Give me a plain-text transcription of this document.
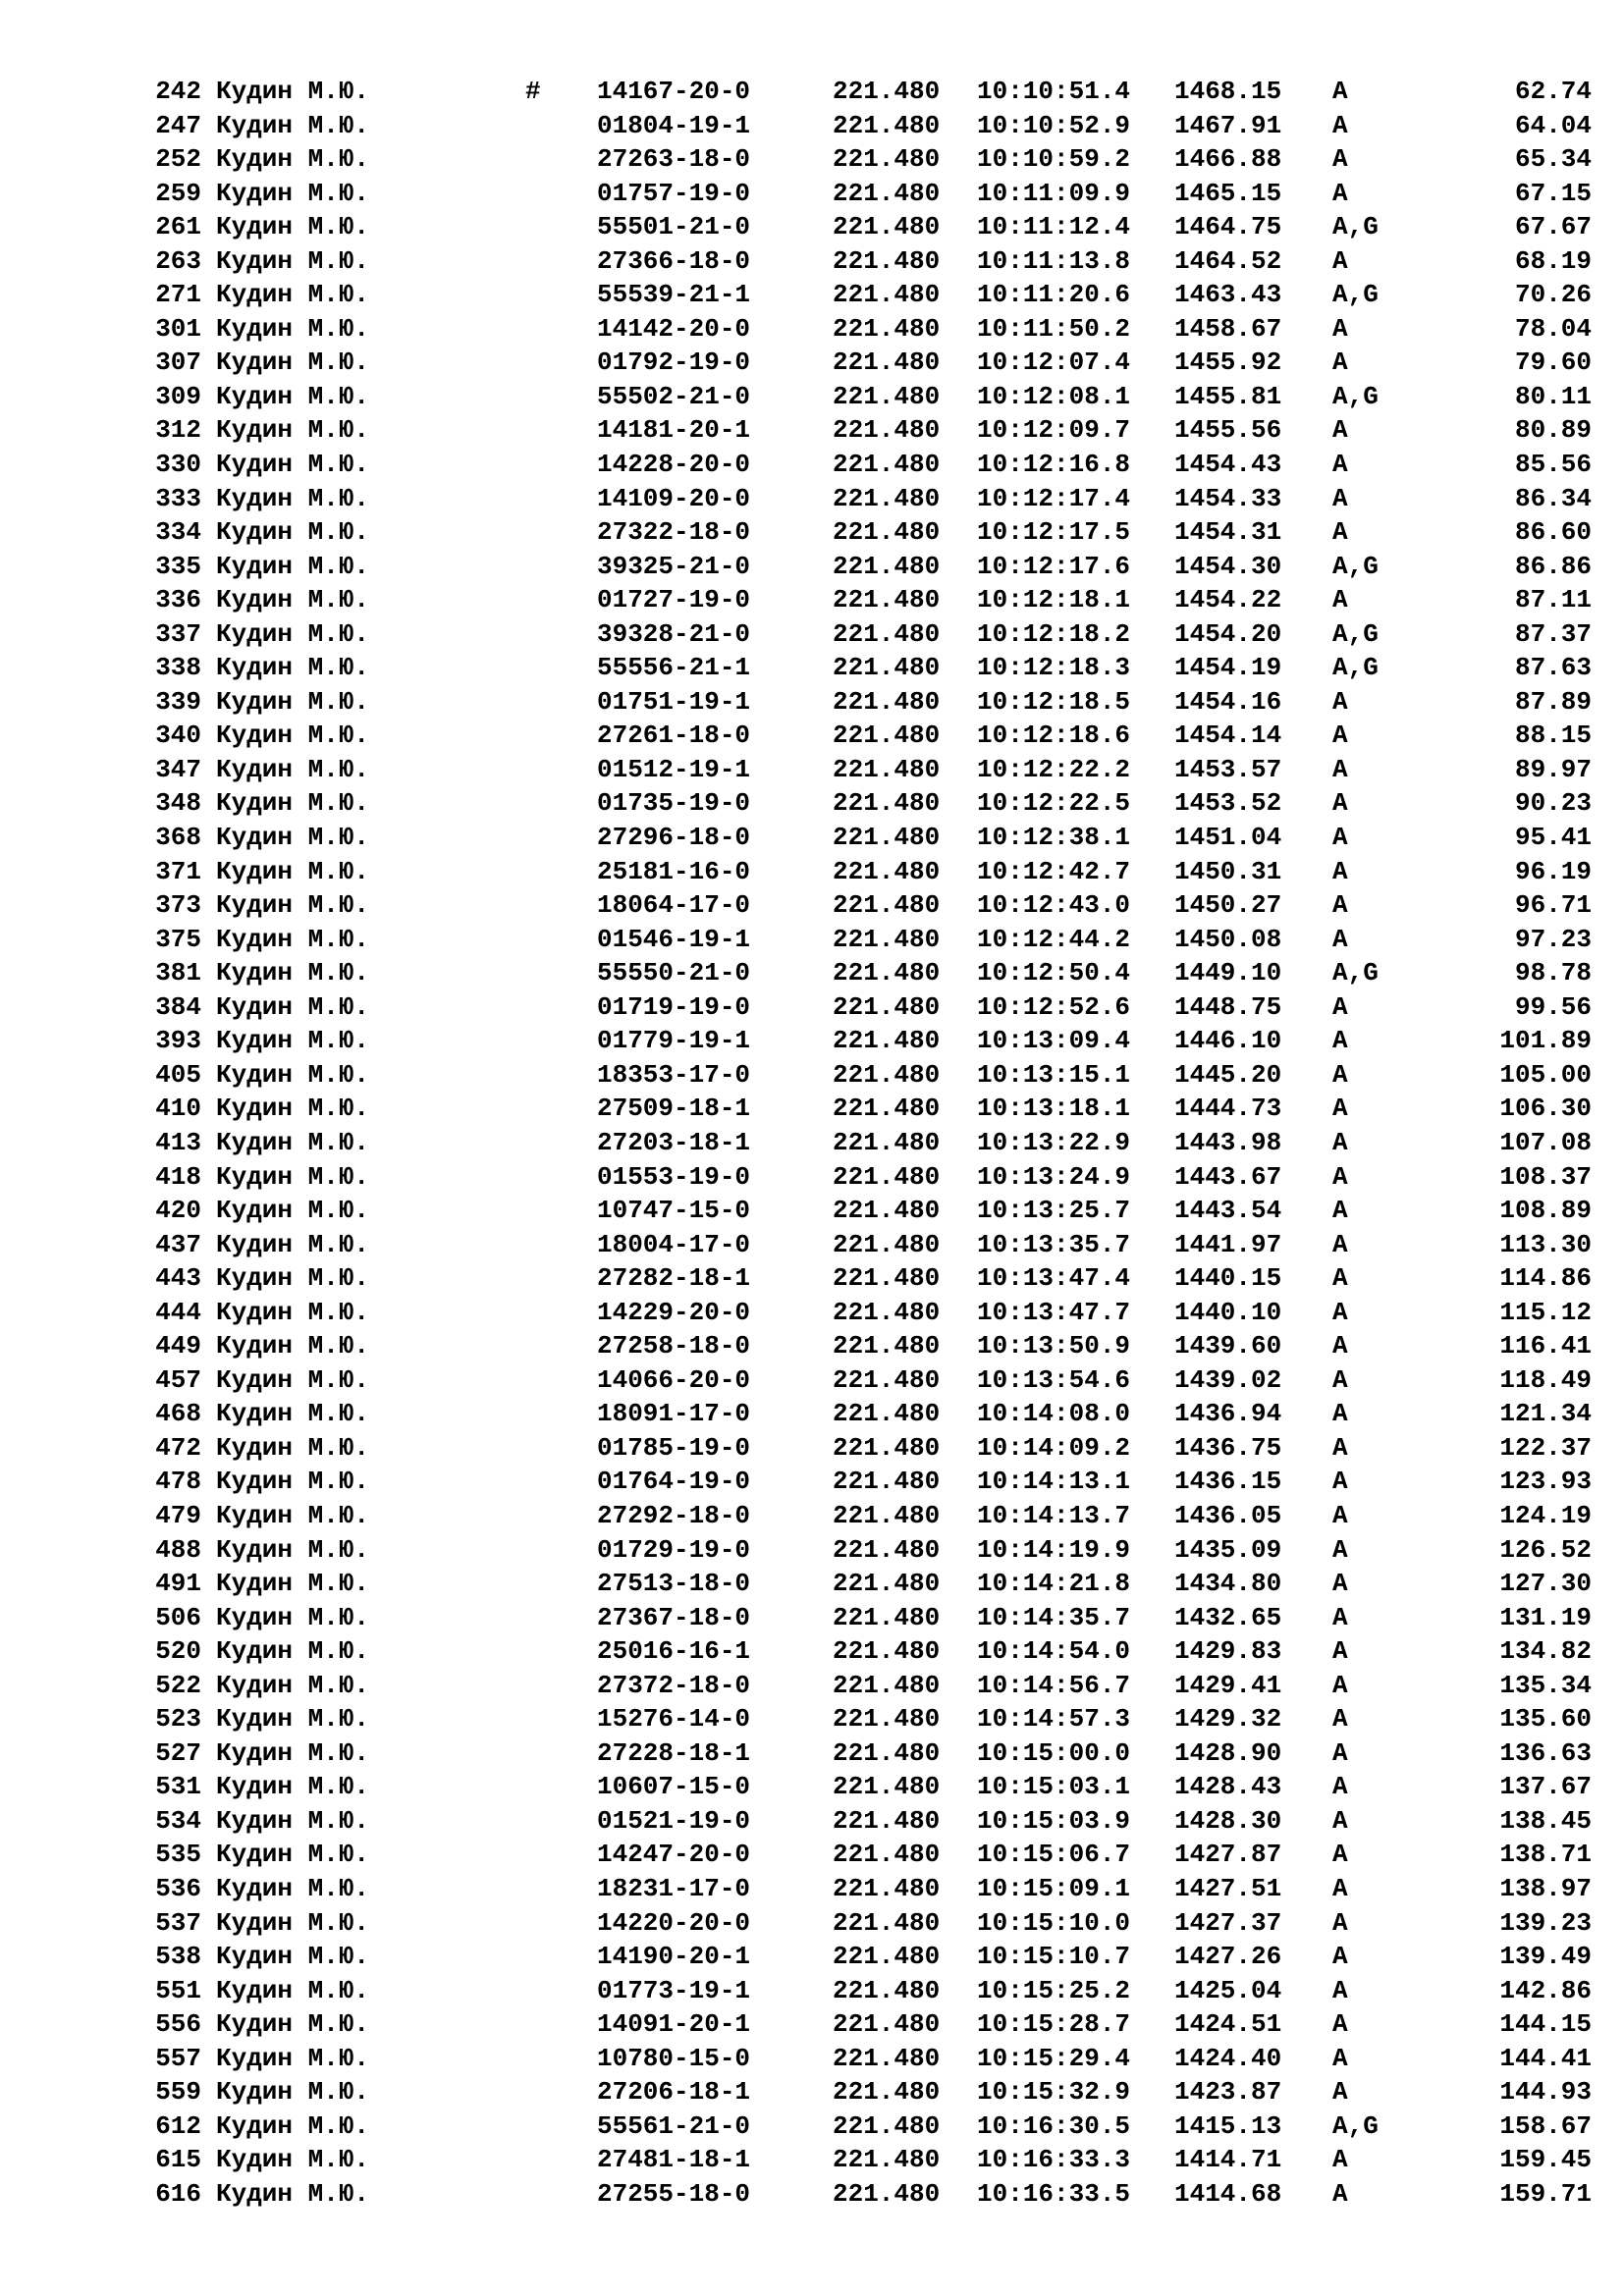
242 Кудин М.Ю.	# 14167-20-0	221.480 10:10:51.4 1468.15 A	62.74
247 Кудин М.Ю.	01804-19-1	221.480 10:10:52.9 1467.91 A	64.04
252 Кудин М.Ю.	27263-18-0	221.480 10:10:59.2 1466.88 A	65.34
259 Кудин М.Ю.	01757-19-0	221.480 10:11:09.9 1465.15 A	67.15
261 Кудин М.Ю.	55501-21-0	221.480 10:11:12.4 1464.75 A,G	67.67
263 Кудин М.Ю.	27366-18-0	221.480 10:11:13.8 1464.52 A	68.19
271 Кудин М.Ю.	55539-21-1	221.480 10:11:20.6 1463.43 A,G	70.26
301 Кудин М.Ю.	14142-20-0	221.480 10:11:50.2 1458.67 A	78.04
307 Кудин М.Ю.	01792-19-0	221.480 10:12:07.4 1455.92 A	79.60
309 Кудин М.Ю.	55502-21-0	221.480 10:12:08.1 1455.81 A,G	80.11
312 Кудин М.Ю.	14181-20-1	221.480 10:12:09.7 1455.56 A	80.89
330 Кудин М.Ю.	14228-20-0	221.480 10:12:16.8 1454.43 A	85.56
333 Кудин М.Ю.	14109-20-0	221.480 10:12:17.4 1454.33 A	86.34
334 Кудин М.Ю.	27322-18-0	221.480 10:12:17.5 1454.31 A	86.60
335 Кудин М.Ю.	39325-21-0	221.480 10:12:17.6 1454.30 A,G	86.86
336 Кудин М.Ю.	01727-19-0	221.480 10:12:18.1 1454.22 A	87.11
337 Кудин М.Ю.	39328-21-0	221.480 10:12:18.2 1454.20 A,G	87.37
338 Кудин М.Ю.	55556-21-1	221.480 10:12:18.3 1454.19 A,G	87.63
339 Кудин М.Ю.	01751-19-1	221.480 10:12:18.5 1454.16 A	87.89
340 Кудин М.Ю.	27261-18-0	221.480 10:12:18.6 1454.14 A	88.15
347 Кудин М.Ю.	01512-19-1	221.480 10:12:22.2 1453.57 A	89.97
348 Кудин М.Ю.	01735-19-0	221.480 10:12:22.5 1453.52 A	90.23
368 Кудин М.Ю.	27296-18-0	221.480 10:12:38.1 1451.04 A	95.41
371 Кудин М.Ю.	25181-16-0	221.480 10:12:42.7 1450.31 A	96.19
373 Кудин М.Ю.	18064-17-0	221.480 10:12:43.0 1450.27 A	96.71
375 Кудин М.Ю.	01546-19-1	221.480 10:12:44.2 1450.08 A	97.23
381 Кудин М.Ю.	55550-21-0	221.480 10:12:50.4 1449.10 A,G	98.78
384 Кудин М.Ю.	01719-19-0	221.480 10:12:52.6 1448.75 A	99.56
393 Кудин М.Ю.	01779-19-1	221.480 10:13:09.4 1446.10 A	101.89
405 Кудин М.Ю.	18353-17-0	221.480 10:13:15.1 1445.20 A	105.00
410 Кудин М.Ю.	27509-18-1	221.480 10:13:18.1 1444.73 A	106.30
413 Кудин М.Ю.	27203-18-1	221.480 10:13:22.9 1443.98 A	107.08
418 Кудин М.Ю.	01553-19-0	221.480 10:13:24.9 1443.67 A	108.37
420 Кудин М.Ю.	10747-15-0	221.480 10:13:25.7 1443.54 A	108.89
437 Кудин М.Ю.	18004-17-0	221.480 10:13:35.7 1441.97 A	113.30
443 Кудин М.Ю.	27282-18-1	221.480 10:13:47.4 1440.15 A	114.86
444 Кудин М.Ю.	14229-20-0	221.480 10:13:47.7 1440.10 A	115.12
449 Кудин М.Ю.	27258-18-0	221.480 10:13:50.9 1439.60 A	116.41
457 Кудин М.Ю.	14066-20-0	221.480 10:13:54.6 1439.02 A	118.49
468 Кудин М.Ю.	18091-17-0	221.480 10:14:08.0 1436.94 A	121.34
472 Кудин М.Ю.	01785-19-0	221.480 10:14:09.2 1436.75 A	122.37
478 Кудин М.Ю.	01764-19-0	221.480 10:14:13.1 1436.15 A	123.93
479 Кудин М.Ю.	27292-18-0	221.480 10:14:13.7 1436.05 A	124.19
488 Кудин М.Ю.	01729-19-0	221.480 10:14:19.9 1435.09 A	126.52
491 Кудин М.Ю.	27513-18-0	221.480 10:14:21.8 1434.80 A	127.30
506 Кудин М.Ю.	27367-18-0	221.480 10:14:35.7 1432.65 A	131.19
520 Кудин М.Ю.	25016-16-1	221.480 10:14:54.0 1429.83 A	134.82
522 Кудин М.Ю.	27372-18-0	221.480 10:14:56.7 1429.41 A	135.34
523 Кудин М.Ю.	15276-14-0	221.480 10:14:57.3 1429.32 A	135.60
527 Кудин М.Ю.	27228-18-1	221.480 10:15:00.0 1428.90 A	136.63
531 Кудин М.Ю.	10607-15-0	221.480 10:15:03.1 1428.43 A	137.67
534 Кудин М.Ю.	01521-19-0	221.480 10:15:03.9 1428.30 A	138.45
535 Кудин М.Ю.	14247-20-0	221.480 10:15:06.7 1427.87 A	138.71
536 Кудин М.Ю.	18231-17-0	221.480 10:15:09.1 1427.51 A	138.97
537 Кудин М.Ю.	14220-20-0	221.480 10:15:10.0 1427.37 A	139.23
538 Кудин М.Ю.	14190-20-1	221.480 10:15:10.7 1427.26 A	139.49
551 Кудин М.Ю.	01773-19-1	221.480 10:15:25.2 1425.04 A	142.86
556 Кудин М.Ю.	14091-20-1	221.480 10:15:28.7 1424.51 A	144.15
557 Кудин М.Ю.	10780-15-0	221.480 10:15:29.4 1424.40 A	144.41
559 Кудин М.Ю.	27206-18-1	221.480 10:15:32.9 1423.87 A	144.93
612 Кудин М.Ю.	55561-21-0	221.480 10:16:30.5 1415.13 A,G	158.67
615 Кудин М.Ю.	27481-18-1	221.480 10:16:33.3 1414.71 A	159.45
616 Кудин М.Ю.	27255-18-0	221.480 10:16:33.5 1414.68 A	159.71
